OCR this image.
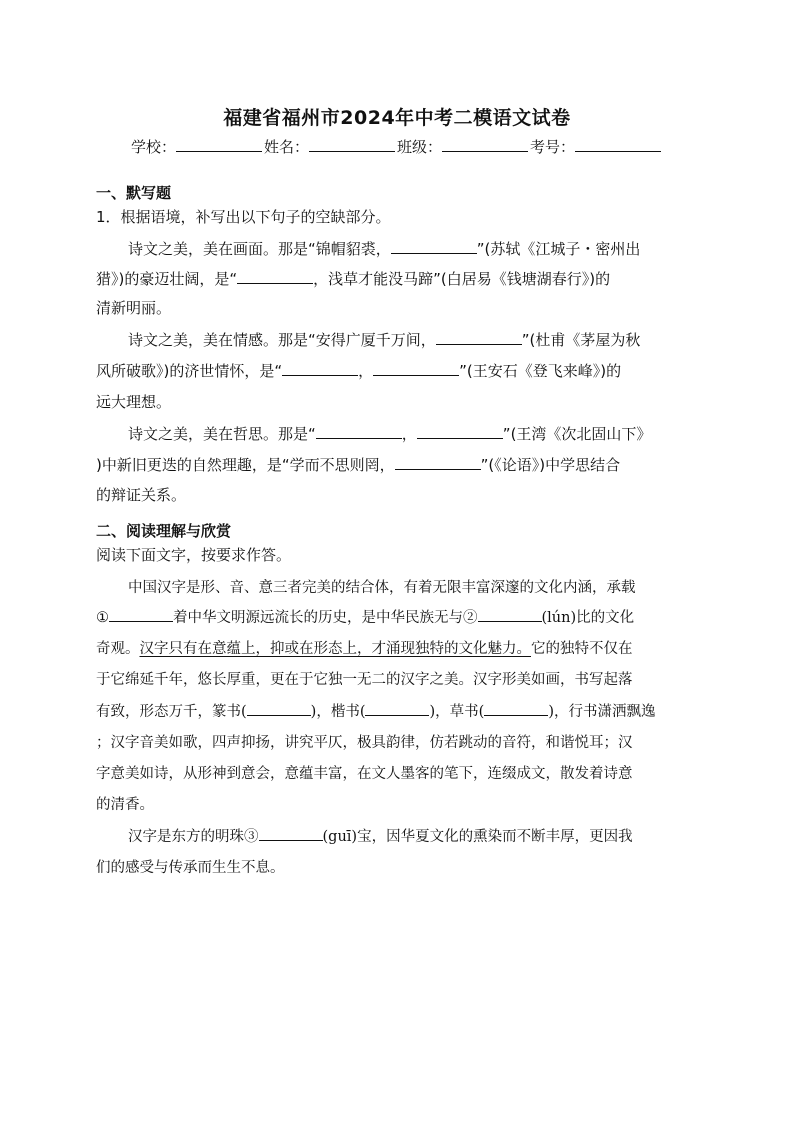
福建省福州市2024年中考二模语文试卷
学校：	姓名：	班级：	考号：
一、默写题
1．根据语境，补写出以下句子的空缺部分。
诗文之美，美在画面。那是“锦帽貂裘，	”(苏轼《江城子・密州出
猎》)的豪迈壮阔，是“	，浅草才能没马蹄”(白居易《钱塘湖春行》)的
清新明丽。
诗文之美，美在情感。那是“安得广厦千万间，	”(杜甫《茅屋为秋
风所破歌》)的济世情怀，是“	，	”(王安石《登飞来峰》)的
远大理想。
诗文之美，美在哲思。那是“	，	”(王湾《次北固山下》
)中新旧更迭的自然理趣，是“学而不思则罔，	”(《论语》)中学思结合
的辩证关系。
二、阅读理解与欣赏
阅读下面文字，按要求作答。
中国汉字是形、音、意三者完美的结合体，有着无限丰富深邃的文化内涵，承载
①	着中华文明源远流长的历史，是中华民族无与②	(lún)比的文化
奇观。汉字只有在意蕴上，抑或在形态上，才涌现独特的文化魅力。它的独特不仅在
于它绵延千年，悠长厚重，更在于它独一无二的汉字之美。汉字形美如画，书写起落
有致，形态万千，篆书(	)，楷书(	)，草书(	)，行书潇洒飘逸
；汉字音美如歌，四声抑扬，讲究平仄，极具韵律，仿若跳动的音符，和谐悦耳；汉
字意美如诗，从形神到意会，意蕴丰富，在文人墨客的笔下，连缀成文，散发着诗意
的清香。
汉字是东方的明珠③	(guī)宝，因华夏文化的熏染而不断丰厚，更因我
们的感受与传承而生生不息。
